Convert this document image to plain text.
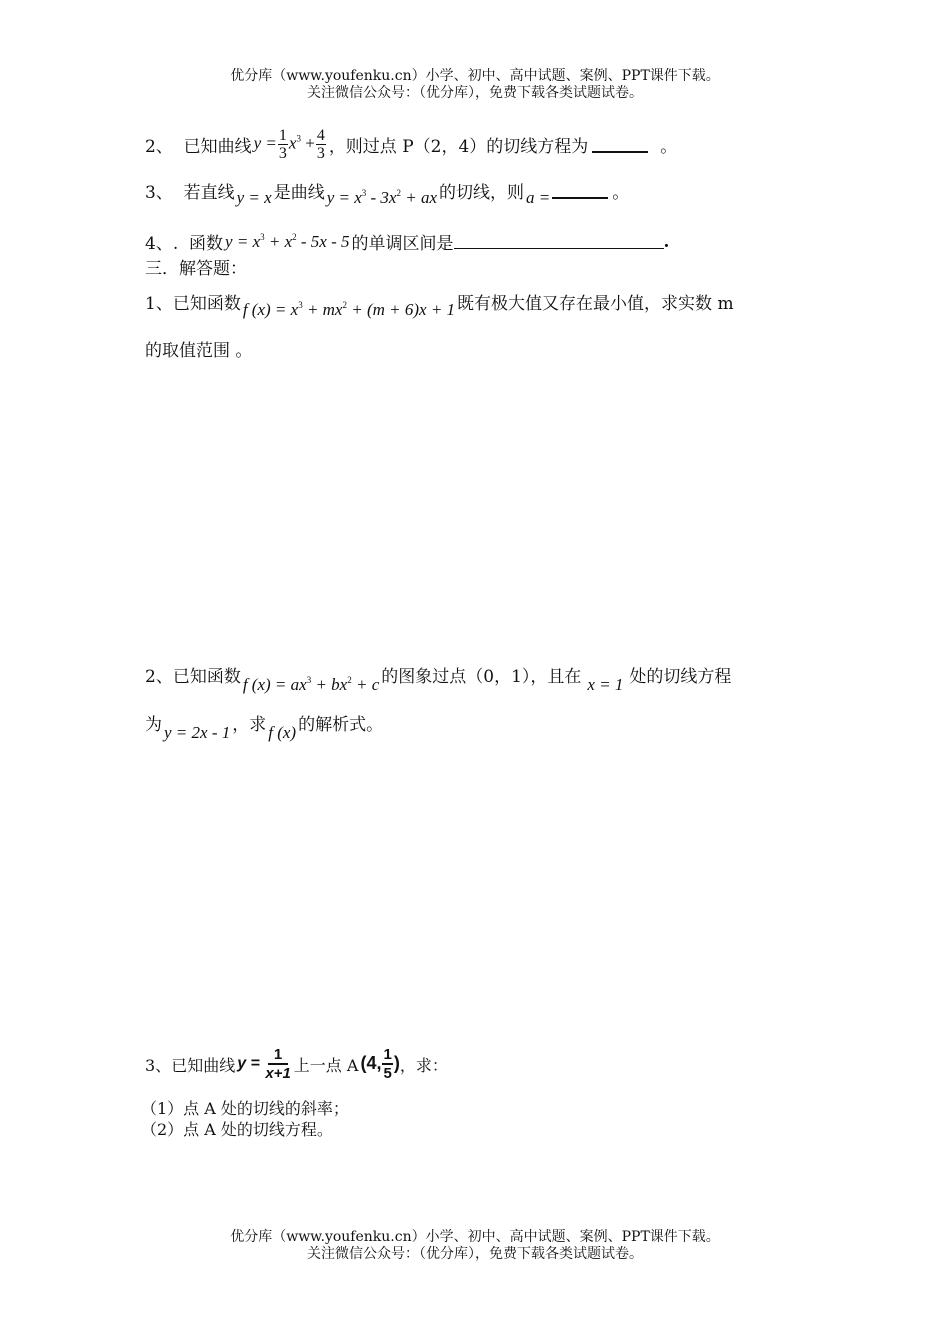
优分库（www.youfenku.cn）小学、初中、高中试题、案例、PPT课件下载。
关注微信公众号：（优分库），免费下载各类试题试卷。
2、
已知曲线 $y = \frac{1}{3} x^3 + \frac{4}{3}$ ，则过点 P（2，4）的切线方程为	。
3、
若直线 y = x 是曲线 $y = x^3 - 3x^2$ + ax 的切线，则 a =	。
4、.
函数 $y = x^3 + x^2 - 5x - 5$ 的单调区间是	.
三．解答题：
1、 已知函数 f $(x) = x^3 + mx^2 + (m + 6)x + 1$ 既有极大值又存在最小值，求实数 m
的取值范围 。
2、 已知函数 f $(x) = ax^3 + bx^2 + c$ 的图象过点（0，1），且在 x = 1 处的切线方程
为 y = 2x - 1 ，求 f (x) 的解析式。
3、 已知曲线 $y = \frac{1}{x+1}$ 上一点 A (4, $\frac{1}{5}$ ) ，求：
（1）点 A 处的切线的斜率；
（2）点 A 处的切线方程。
优分库（www.youfenku.cn）小学、初中、高中试题、案例、PPT课件下载。
关注微信公众号：（优分库），免费下载各类试题试卷。
